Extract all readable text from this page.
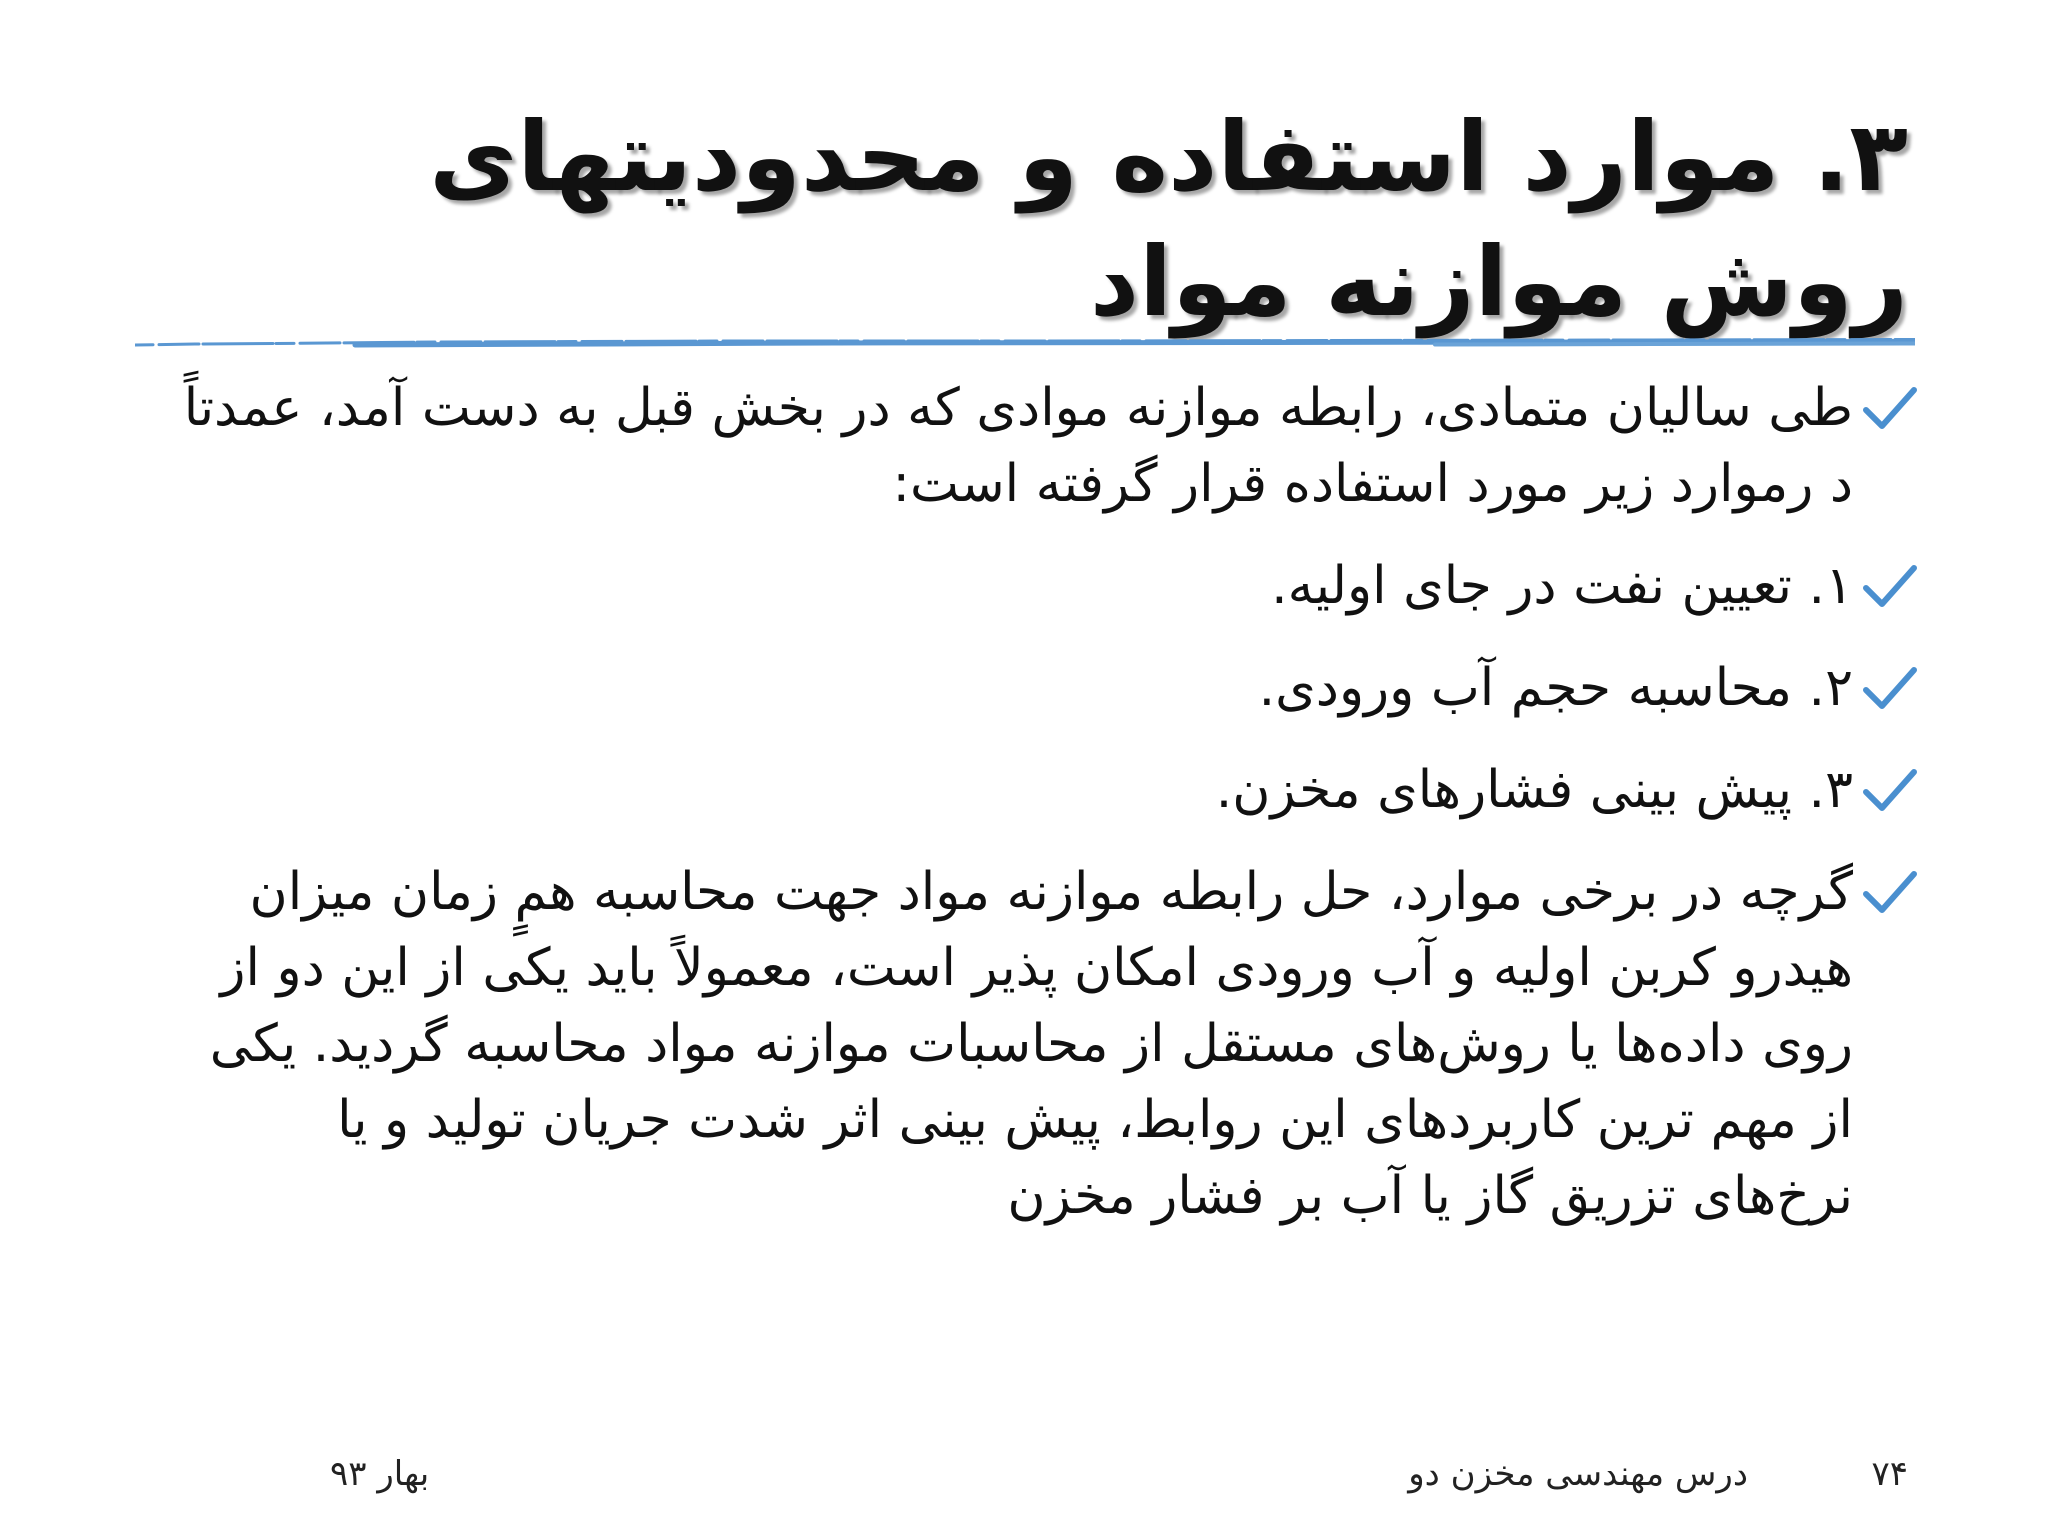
۳. موارد استفاده و محدودیتهای روش موازنه مواد
طی سالیان متمادی، رابطه موازنه موادی که در بخش قبل به دست آمد، عمدتاً د رموارد زیر مورد استفاده قرار گرفته است:
۱. تعیین نفت در جای اولیه.
۲. محاسبه حجم آب ورودی.
۳. پیش بینی فشارهای مخزن.
گرچه در برخی موارد، حل رابطه موازنه مواد جهت محاسبه همٍ زمان میزان هیدرو کربن اولیه و آب ورودی امکان پذیر است، معمولاً باید یکی از این دو از روی داده‌ها یا روش‌های مستقل از محاسبات موازنه مواد محاسبه گردید. یکی از مهم ترین کاربردهای این روابط، پیش بینی اثر شدت جریان تولید و یا نرخ‌های تزریق گاز یا آب بر فشار مخزن
۷۴
درس مهندسی مخزن دو
بهار ۹۳
